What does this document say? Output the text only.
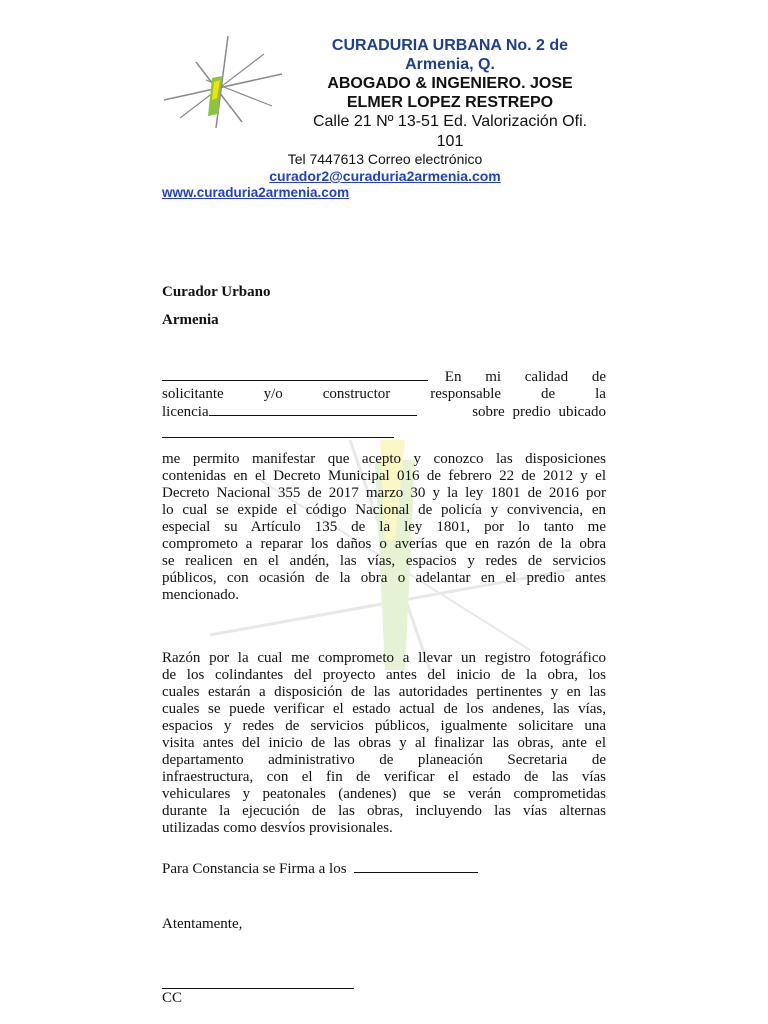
CURADURIA URBANA No. 2 de
Armenia, Q.
ABOGADO & INGENIERO. JOSE
ELMER LOPEZ RESTREPO
Calle 21 Nº 13-51 Ed. Valorización Ofi.
101
Tel 7447613 Correo electrónico
curador2@curaduria2armenia.com
www.curaduria2armenia.com
Curador Urbano
Armenia
En mi calidad de
solicitante	y/o	constructor	responsable	de	la
licencia	sobre predio ubicado
me permito manifestar que acepto y conozco las disposiciones
contenidas en el Decreto Municipal 016 de febrero 22 de 2012 y el
Decreto Nacional 355 de 2017 marzo 30 y la ley 1801 de 2016 por
lo cual se expide el código Nacional de policía y convivencia, en
especial su Artículo 135 de la ley 1801, por lo tanto me
comprometo a reparar los daños o averías que en razón de la obra
se realicen en el andén, las vías, espacios y redes de servicios
públicos, con ocasión de la obra o adelantar en el predio antes
mencionado.
Razón por la cual me comprometo a llevar un registro fotográfico
de los colindantes del proyecto antes del inicio de la obra, los
cuales estarán a disposición de las autoridades pertinentes y en las
cuales se puede verificar el estado actual de los andenes, las vías,
espacios y redes de servicios públicos, igualmente solicitare una
visita antes del inicio de las obras y al finalizar las obras, ante el
departamento administrativo de planeación Secretaria de
infraestructura, con el fin de verificar el estado de las vías
vehiculares y peatonales (andenes) que se verán comprometidas
durante la ejecución de las obras, incluyendo las vías alternas
utilizadas como desvíos provisionales.
Para Constancia se Firma a los
Atentamente,
CC
